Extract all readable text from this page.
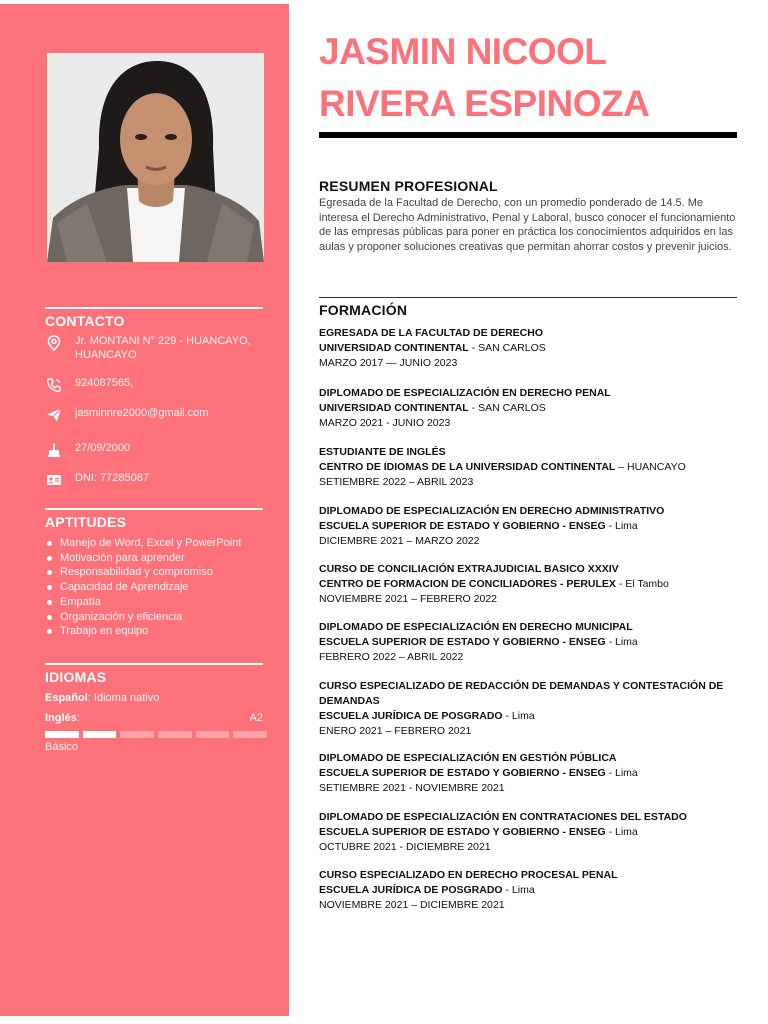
CONTACTO
Jr. MONTANI N° 229 - HUANCAYO, HUANCAYO
924087565,
jasminnre2000@gmail.com
27/09/2000
DNI: 77285087
APTITUDES
Manejo de Word, Excel y PowerPoint
Motivación para aprender
Responsabilidad y compromiso
Capacidad de Aprendizaje
Empatía
Organización y eficiencia
Trabajo en equipo
IDIOMAS
Español: Idioma nativo
Inglés:	A2
Básico
JASMIN NICOOL
RIVERA ESPINOZA
RESUMEN PROFESIONAL

Egresada de la Facultad de Derecho, con un promedio ponderado de 14.5. Me interesa el Derecho Administrativo, Penal y Laboral, busco conocer el funcionamiento de las empresas públicas para poner en práctica los conocimientos adquiridos en las aulas y proponer soluciones creativas que permitan ahorrar costos y prevenir juicios.

FORMACIÓN
EGRESADA DE LA FACULTAD DE DERECHO
UNIVERSIDAD CONTINENTAL - SAN CARLOS
MARZO 2017 — JUNIO 2023
DIPLOMADO DE ESPECIALIZACIÓN EN DERECHO PENAL
UNIVERSIDAD CONTINENTAL - SAN CARLOS
MARZO 2021 - JUNIO 2023
ESTUDIANTE DE INGLÉS
CENTRO DE IDIOMAS DE LA UNIVERSIDAD CONTINENTAL – HUANCAYO
SETIEMBRE 2022 – ABRIL 2023
DIPLOMADO DE ESPECIALIZACIÓN EN DERECHO ADMINISTRATIVO
ESCUELA SUPERIOR DE ESTADO Y GOBIERNO - ENSEG - Lima
DICIEMBRE 2021 – MARZO 2022
CURSO DE CONCILIACIÓN EXTRAJUDICIAL BASICO XXXIV
CENTRO DE FORMACION DE CONCILIADORES - PERULEX - El Tambo
NOVIEMBRE 2021 – FEBRERO 2022
DIPLOMADO DE ESPECIALIZACIÓN EN DERECHO MUNICIPAL
ESCUELA SUPERIOR DE ESTADO Y GOBIERNO - ENSEG - Lima
FEBRERO 2022 – ABRIL 2022
CURSO ESPECIALIZADO DE REDACCIÓN DE DEMANDAS Y CONTESTACIÓN DE DEMANDAS
ESCUELA JURÍDICA DE POSGRADO - Lima
ENERO 2021 – FEBRERO 2021
DIPLOMADO DE ESPECIALIZACIÓN EN GESTIÓN PÚBLICA
ESCUELA SUPERIOR DE ESTADO Y GOBIERNO - ENSEG - Lima
SETIEMBRE 2021 - NOVIEMBRE 2021
DIPLOMADO DE ESPECIALIZACIÓN EN CONTRATACIONES DEL ESTADO
ESCUELA SUPERIOR DE ESTADO Y GOBIERNO - ENSEG - Lima
OCTUBRE 2021 - DICIEMBRE 2021
CURSO ESPECIALIZADO EN DERECHO PROCESAL PENAL
ESCUELA JURÍDICA DE POSGRADO - Lima
NOVIEMBRE 2021 – DICIEMBRE 2021
